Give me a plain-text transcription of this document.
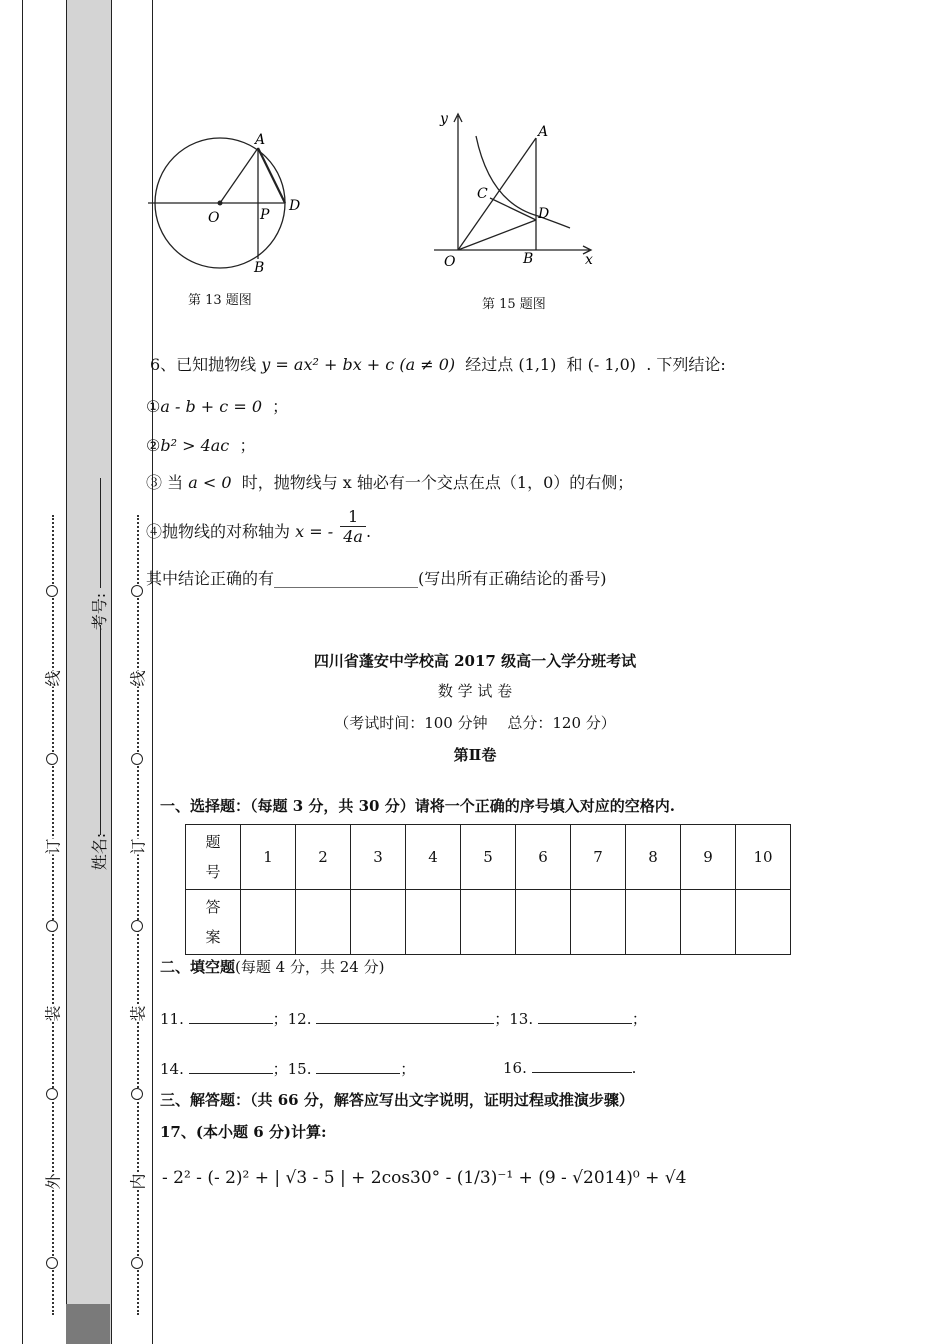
线
订
装
外
考号:
姓名:
线
订
装
内
A
O	P
D
B
第 13 题图
y
x
A
C
D
O	B
第 15 题图
6、已知抛物线 y = ax² + bx + c (a ≠ 0) 经过点 (1,1) 和 (- 1,0) . 下列结论:
①a - b + c = 0 ；
②b² > 4ac ；
③ 当 a < 0 时，抛物线与 x 轴必有一个交点在点（1，0）的右侧；
④抛物线的对称轴为 x = - $\frac{1}{4a}$ .
其中结论正确的有__________________(写出所有正确结论的番号)
四川省蓬安中学校高 2017 级高一入学分班考试
数 学 试 卷
（考试时间：100 分钟　 总分：120 分）
第Ⅱ卷
一、选择题：（每题 3 分，共 30 分）请将一个正确的序号填入对应的空格内.
题
号	1	2	3	4	5	6	7	8	9	10
答
案										
二、填空题(每题 4 分，共 24 分)
11.	；12.	；13.	；
14.	；15.	；	16.	.
三、解答题：（共 66 分，解答应写出文字说明，证明过程或推演步骤）
17、(本小题 6 分)计算:
- 2² - (- 2)² + | √3 - 5 | + 2cos30° - (1/3)⁻¹ + (9 - √2014)⁰ + √4
